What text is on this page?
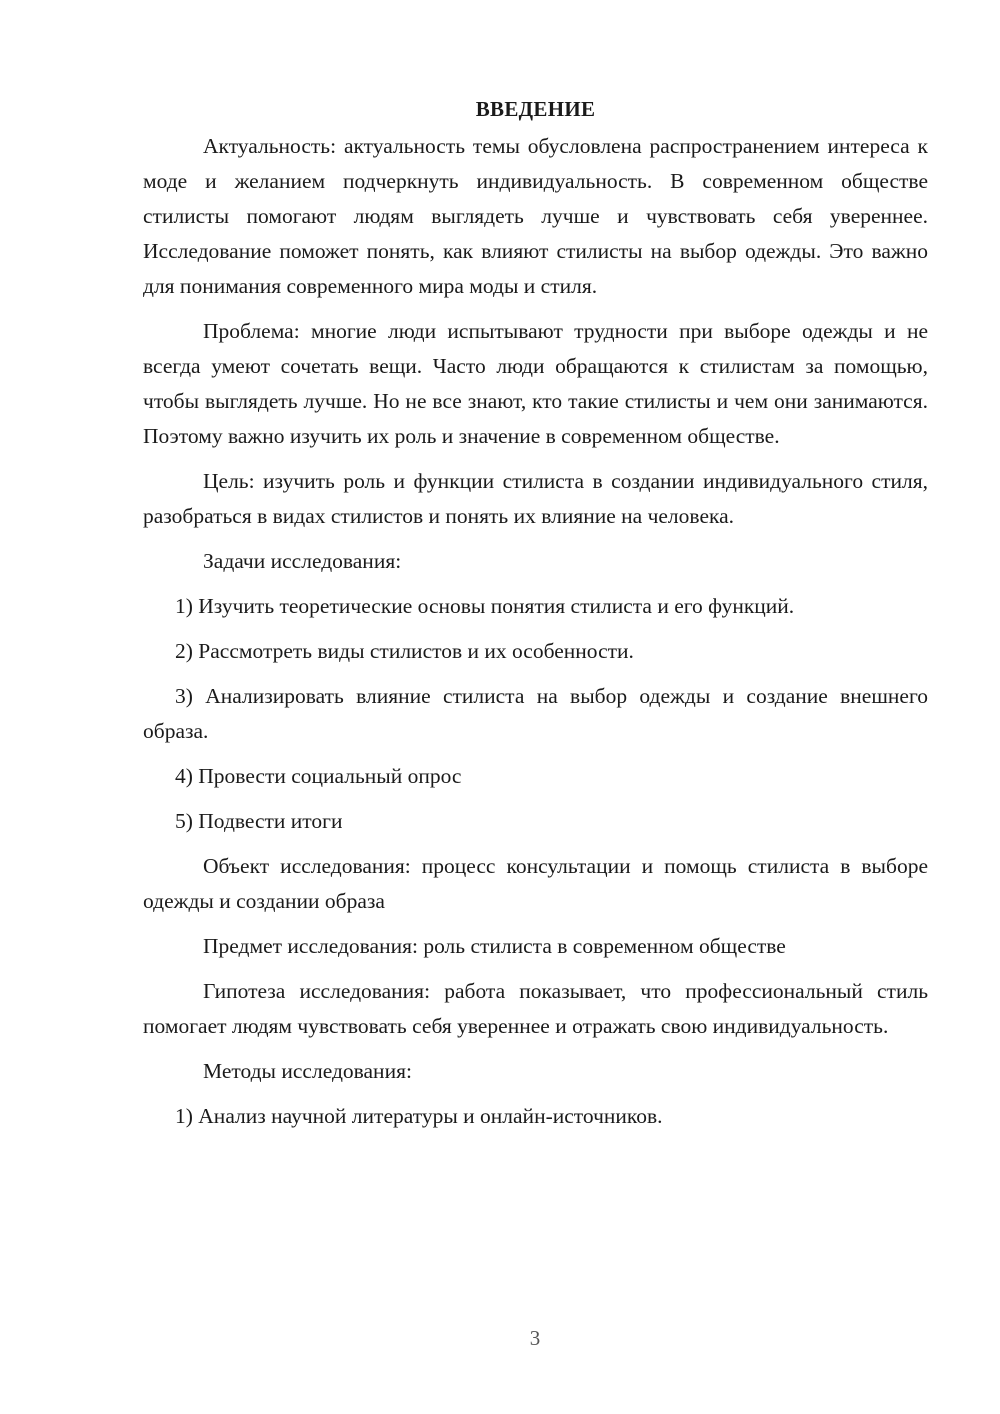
ВВЕДЕНИЕ

Актуальность: актуальность темы обусловлена распространением интереса к моде и желанием подчеркнуть индивидуальность. В современном обществе стилисты помогают людям выглядеть лучше и чувствовать себя увереннее. Исследование поможет понять, как влияют стилисты на выбор одежды. Это важно для понимания современного мира моды и стиля.

Проблема: многие люди испытывают трудности при выборе одежды и не всегда умеют сочетать вещи. Часто люди обращаются к стилистам за помощью, чтобы выглядеть лучше. Но не все знают, кто такие стилисты и чем они занимаются. Поэтому важно изучить их роль и значение в современном обществе.

Цель: изучить роль и функции стилиста в создании индивидуального стиля, разобраться в видах стилистов и понять их влияние на человека.

Задачи исследования:

1) Изучить теоретические основы понятия стилиста и его функций.

2) Рассмотреть виды стилистов и их особенности.

3) Анализировать влияние стилиста на выбор одежды и создание внешнего образа.

4) Провести социальный опрос

5) Подвести итоги

Объект исследования: процесс консультации и помощь стилиста в выборе одежды и создании образа

Предмет исследования: роль стилиста в современном обществе

Гипотеза исследования: работа показывает, что профессиональный стиль помогает людям чувствовать себя увереннее и отражать свою индивидуальность.

Методы исследования:

1) Анализ научной литературы и онлайн-источников.

3
